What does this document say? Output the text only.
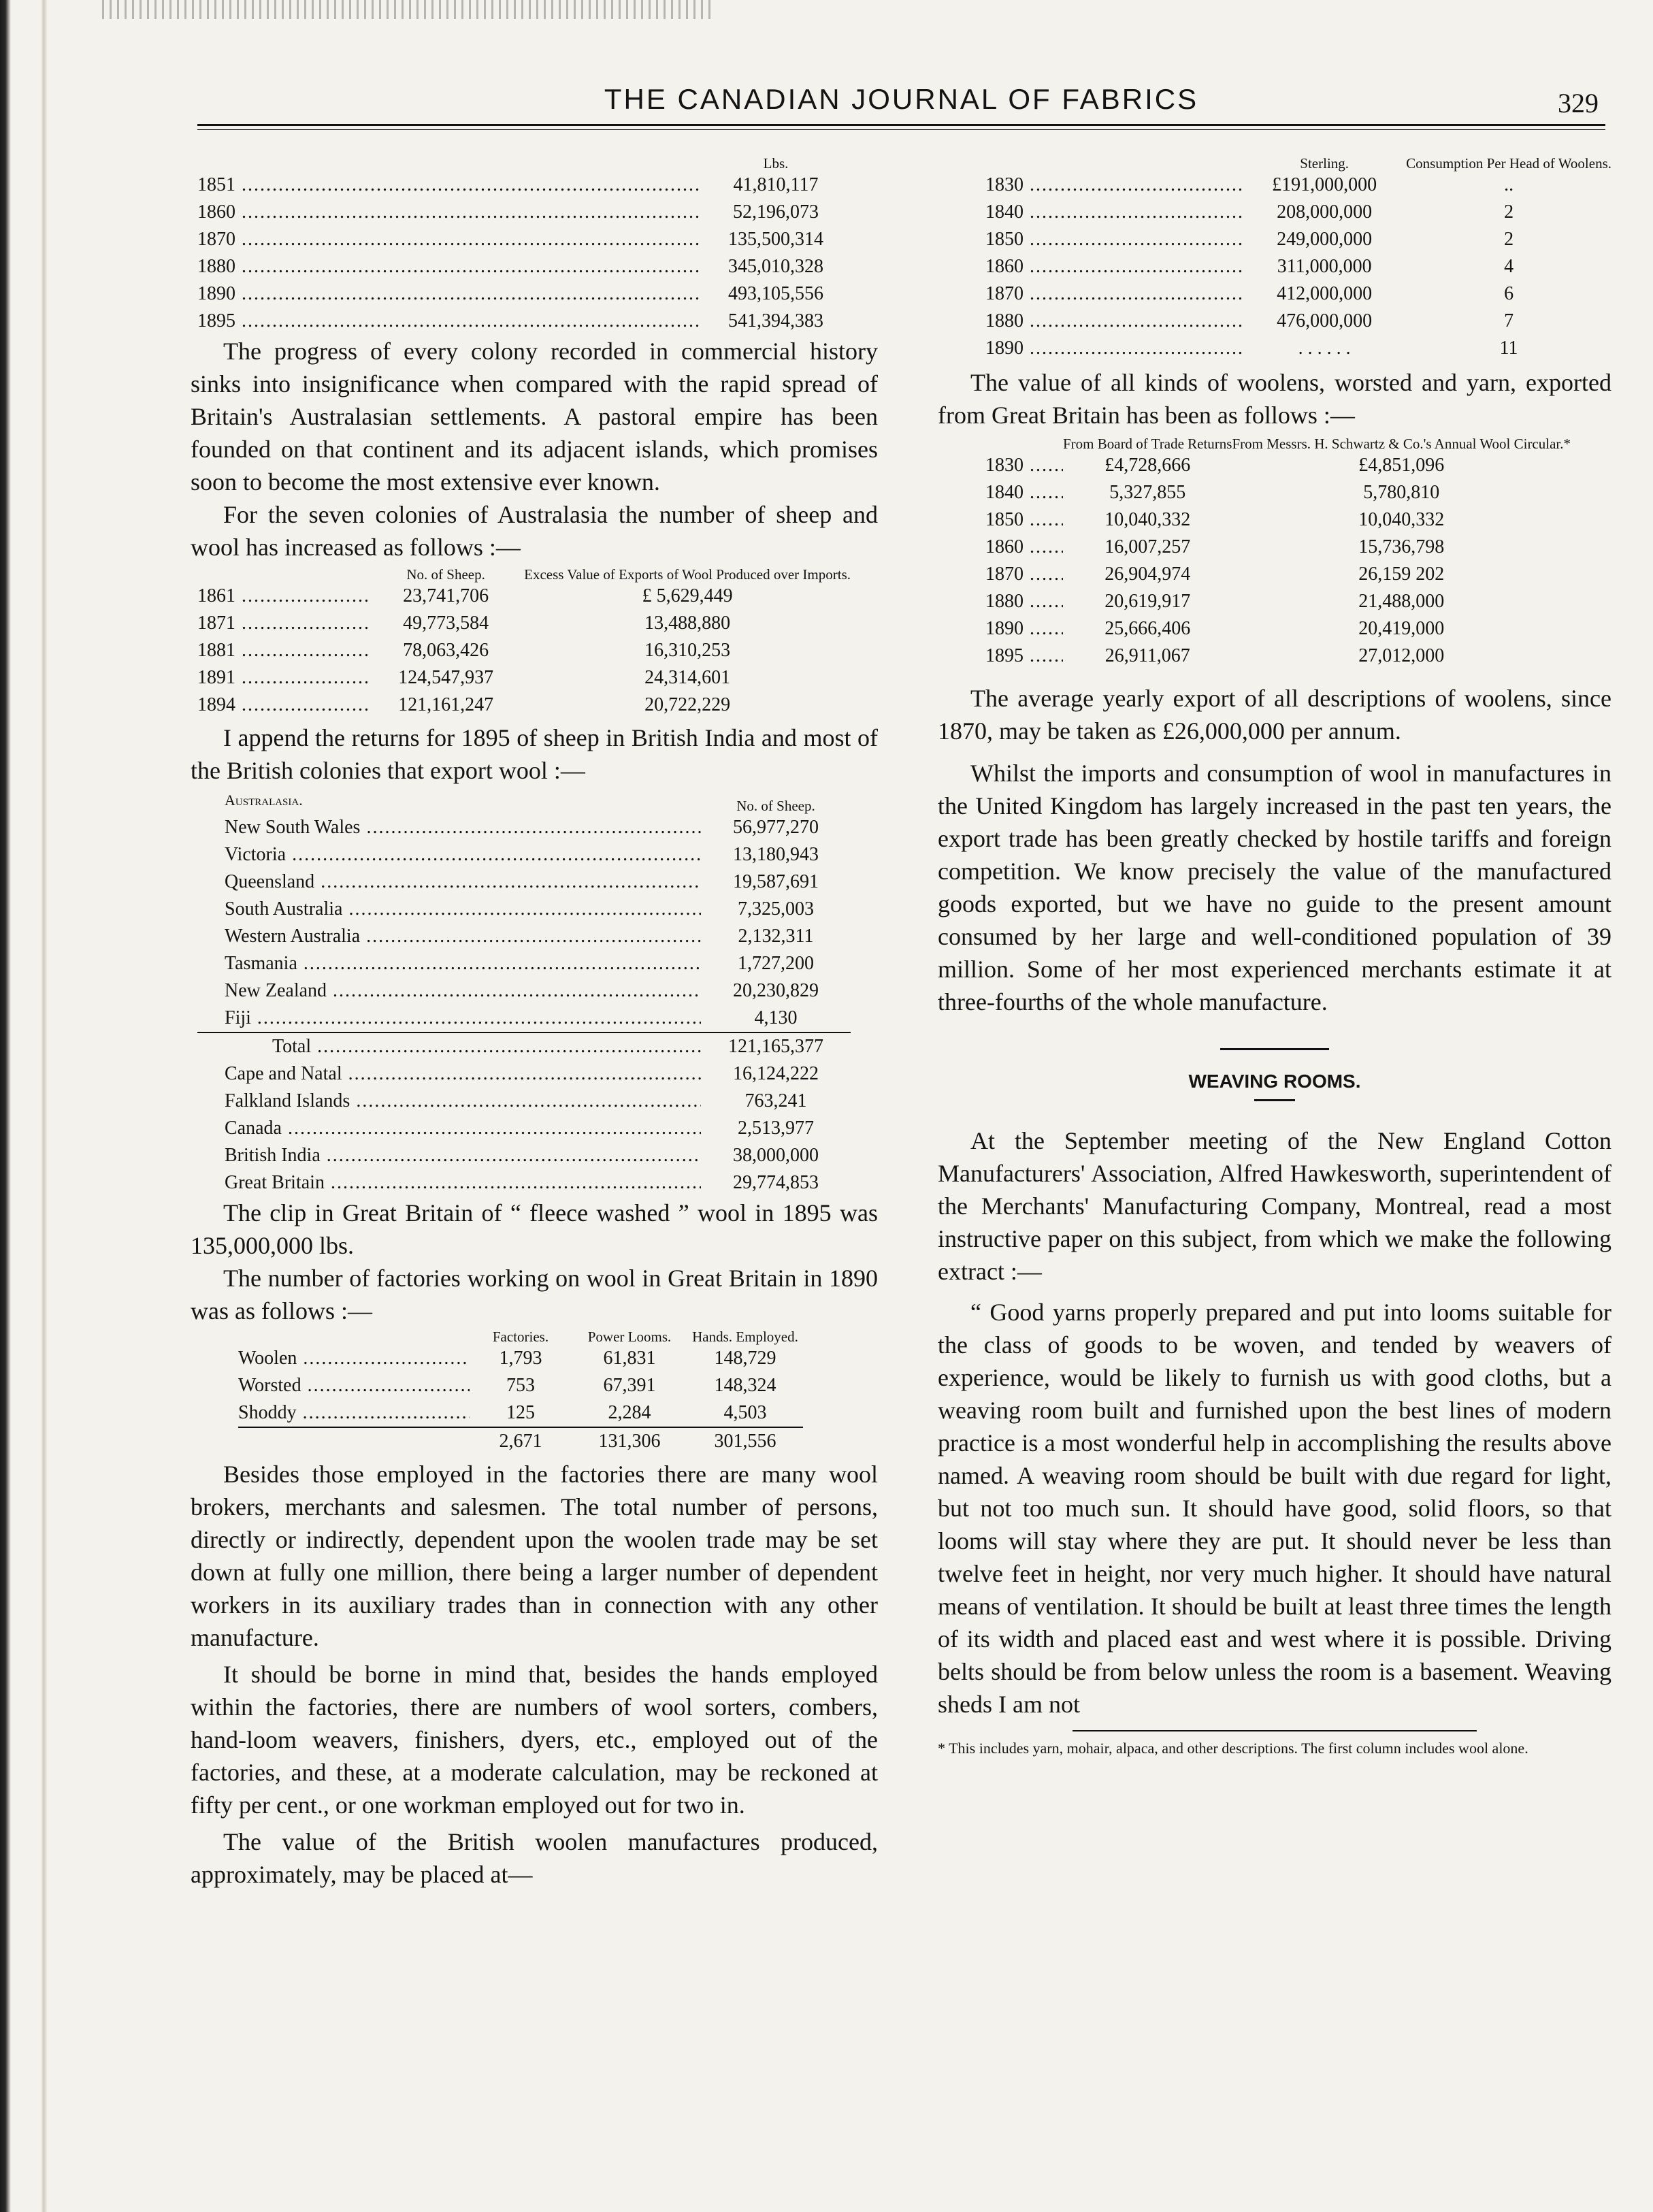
THE CANADIAN JOURNAL OF FABRICS	329
	Lbs.
1851 .....	41,810,117
1860 .....	52,196,073
1870 .....	135,500,314
1880 .....	345,010,328
1890 .....	493,105,556
1895 .....	541,394,383

The progress of every colony recorded in commercial history sinks into insignificance when compared with the rapid spread of Britain's Australasian settlements. A pastoral empire has been founded on that continent and its adjacent islands, which promises soon to become the most extensive ever known.

For the seven colonies of Australasia the number of sheep and wool has increased as follows :—

	No. of Sheep.	Excess Value of Exports of Wool Produced over Imports.
1861 .....	23,741,706	£ 5,629,449
1871 .....	49,773,584	13,488,880
1881 .....	78,063,426	16,310,253
1891 .....	124,547,937	24,314,601
1894 .....	121,161,247	20,722,229

I append the returns for 1895 of sheep in British India and most of the British colonies that export wool :—

Australasia.	No. of Sheep.
New South Wales .....	56,977,270
Victoria .....	13,180,943
Queensland .....	19,587,691
South Australia .....	7,325,003
Western Australia .....	2,132,311
Tasmania .....	1,727,200
New Zealand .....	20,230,829
Fiji .....	4,130
Total .....	121,165,377
Cape and Natal .....	16,124,222
Falkland Islands .....	763,241
Canada .....	2,513,977
British India .....	38,000,000
Great Britain .....	29,774,853

The clip in Great Britain of “ fleece washed ” wool in 1895 was 135,000,000 lbs.

The number of factories working on wool in Great Britain in 1890 was as follows :—

	Factories.	Power Looms.	Hands. Employed.
Woolen .....	1,793	61,831	148,729
Worsted .....	753	67,391	148,324
Shoddy .....	125	2,284	4,503
	2,671	131,306	301,556

Besides those employed in the factories there are many wool brokers, merchants and salesmen. The total number of persons, directly or indirectly, dependent upon the woolen trade may be set down at fully one million, there being a larger number of dependent workers in its auxiliary trades than in connection with any other manufacture.

It should be borne in mind that, besides the hands employed within the factories, there are numbers of wool sorters, combers, hand-loom weavers, finishers, dyers, etc., employed out of the factories, and these, at a moderate calculation, may be reckoned at fifty per cent., or one workman employed out for two in.

The value of the British woolen manufactures produced, approximately, may be placed at—

	Sterling.	Consumption Per Head of Woolens.
1830 .....	£191,000,000	..
1840 .....	208,000,000	2
1850 .....	249,000,000	2
1860 .....	311,000,000	4
1870 .....	412,000,000	6
1880 .....	476,000,000	7
1890 .....	. . . . . .	11

The value of all kinds of woolens, worsted and yarn, exported from Great Britain has been as follows :—

	From Board of Trade Returns	From Messrs. H. Schwartz & Co.'s Annual Wool Circular.*
1830 .....	£4,728,666	£4,851,096
1840 .....	5,327,855	5,780,810
1850 .....	10,040,332	10,040,332
1860 .....	16,007,257	15,736,798
1870 .....	26,904,974	26,159 202
1880 .....	20,619,917	21,488,000
1890 .....	25,666,406	20,419,000
1895 .....	26,911,067	27,012,000

The average yearly export of all descriptions of woolens, since 1870, may be taken as £26,000,000 per annum.

Whilst the imports and consumption of wool in manufactures in the United Kingdom has largely increased in the past ten years, the export trade has been greatly checked by hostile tariffs and foreign competition. We know precisely the value of the manufactured goods exported, but we have no guide to the present amount consumed by her large and well-conditioned population of 39 million. Some of her most experienced merchants estimate it at three-fourths of the whole manufacture.

WEAVING ROOMS.

At the September meeting of the New England Cotton Manufacturers' Association, Alfred Hawkesworth, superintendent of the Merchants' Manufacturing Company, Montreal, read a most instructive paper on this subject, from which we make the following extract :—

“ Good yarns properly prepared and put into looms suitable for the class of goods to be woven, and tended by weavers of experience, would be likely to furnish us with good cloths, but a weaving room built and furnished upon the best lines of modern practice is a most wonderful help in accomplishing the results above named. A weaving room should be built with due regard for light, but not too much sun. It should have good, solid floors, so that looms will stay where they are put. It should never be less than twelve feet in height, nor very much higher. It should have natural means of ventilation. It should be built at least three times the length of its width and placed east and west where it is possible. Driving belts should be from below unless the room is a basement. Weaving sheds I am not

* This includes yarn, mohair, alpaca, and other descriptions. The first column includes wool alone.
